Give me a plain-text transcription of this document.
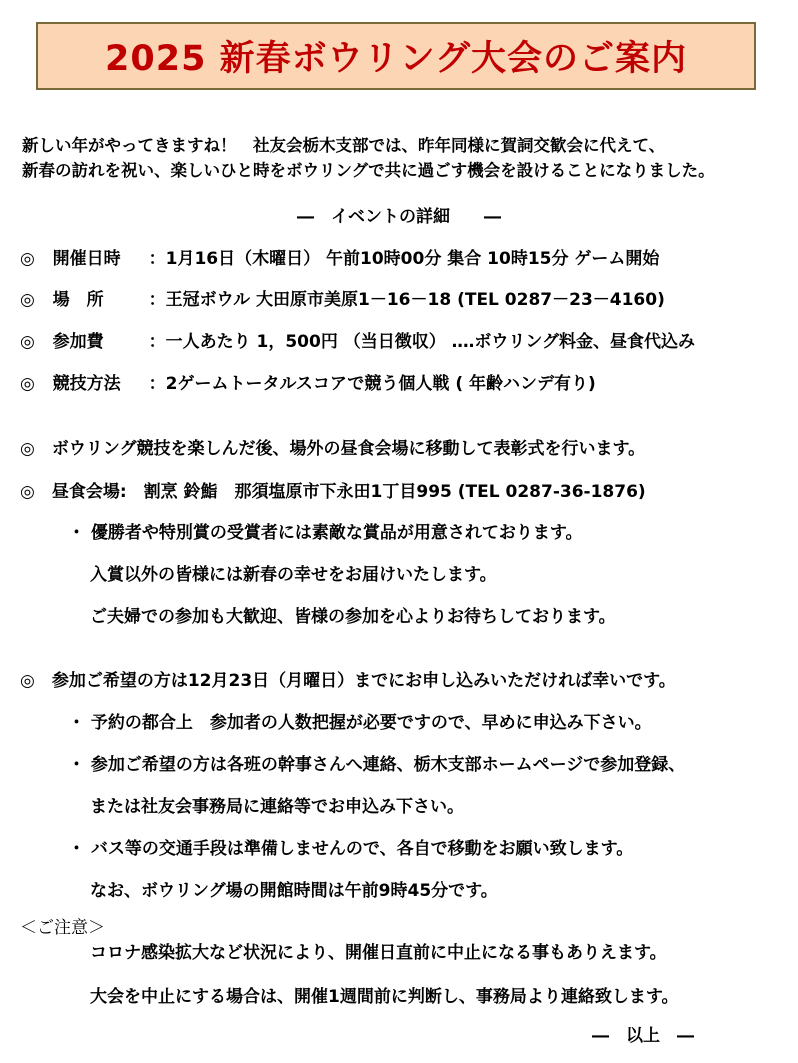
2025 新春ボウリング大会のご案内
新しい年がやってきますね！　社友会栃木支部では、昨年同様に賀詞交歓会に代えて、
新春の訪れを祝い、楽しいひと時をボウリングで共に過ごす機会を設けることになりました。
―　イベントの詳細　　―
◎ 開催日時 ：1月16日（木曜日） 午前10時00分 集合 10時15分 ゲーム開始
◎ 場　所	：王冠ボウル 大田原市美原1－16－18 (TEL 0287－23－4160)
◎ 参加費	：一人あたり 1，500円 （当日徴収） ‥‥ボウリング料金、昼食代込み
◎ 競技方法 ：2ゲームトータルスコアで競う個人戦 ( 年齢ハンデ有り)
◎　ボウリング競技を楽しんだ後、場外の昼食会場に移動して表彰式を行います。
◎　昼食会場:　割烹 鈴鮨　那須塩原市下永田1丁目995 (TEL 0287-36-1876)
・ 優勝者や特別賞の受賞者には素敵な賞品が用意されております。
入賞以外の皆様には新春の幸せをお届けいたします。
ご夫婦での参加も大歓迎、皆様の参加を心よりお待ちしております。
◎　参加ご希望の方は12月23日（月曜日）までにお申し込みいただければ幸いです。
・ 予約の都合上　参加者の人数把握が必要ですので、早めに申込み下さい。
・ 参加ご希望の方は各班の幹事さんへ連絡、栃木支部ホームページで参加登録、
または社友会事務局に連絡等でお申込み下さい。
・ バス等の交通手段は準備しませんので、各自で移動をお願い致します。
なお、ボウリング場の開館時間は午前9時45分です。
＜ご注意＞
コロナ感染拡大など状況により、開催日直前に中止になる事もありえます。
大会を中止にする場合は、開催1週間前に判断し、事務局より連絡致します。
―　以上　―
